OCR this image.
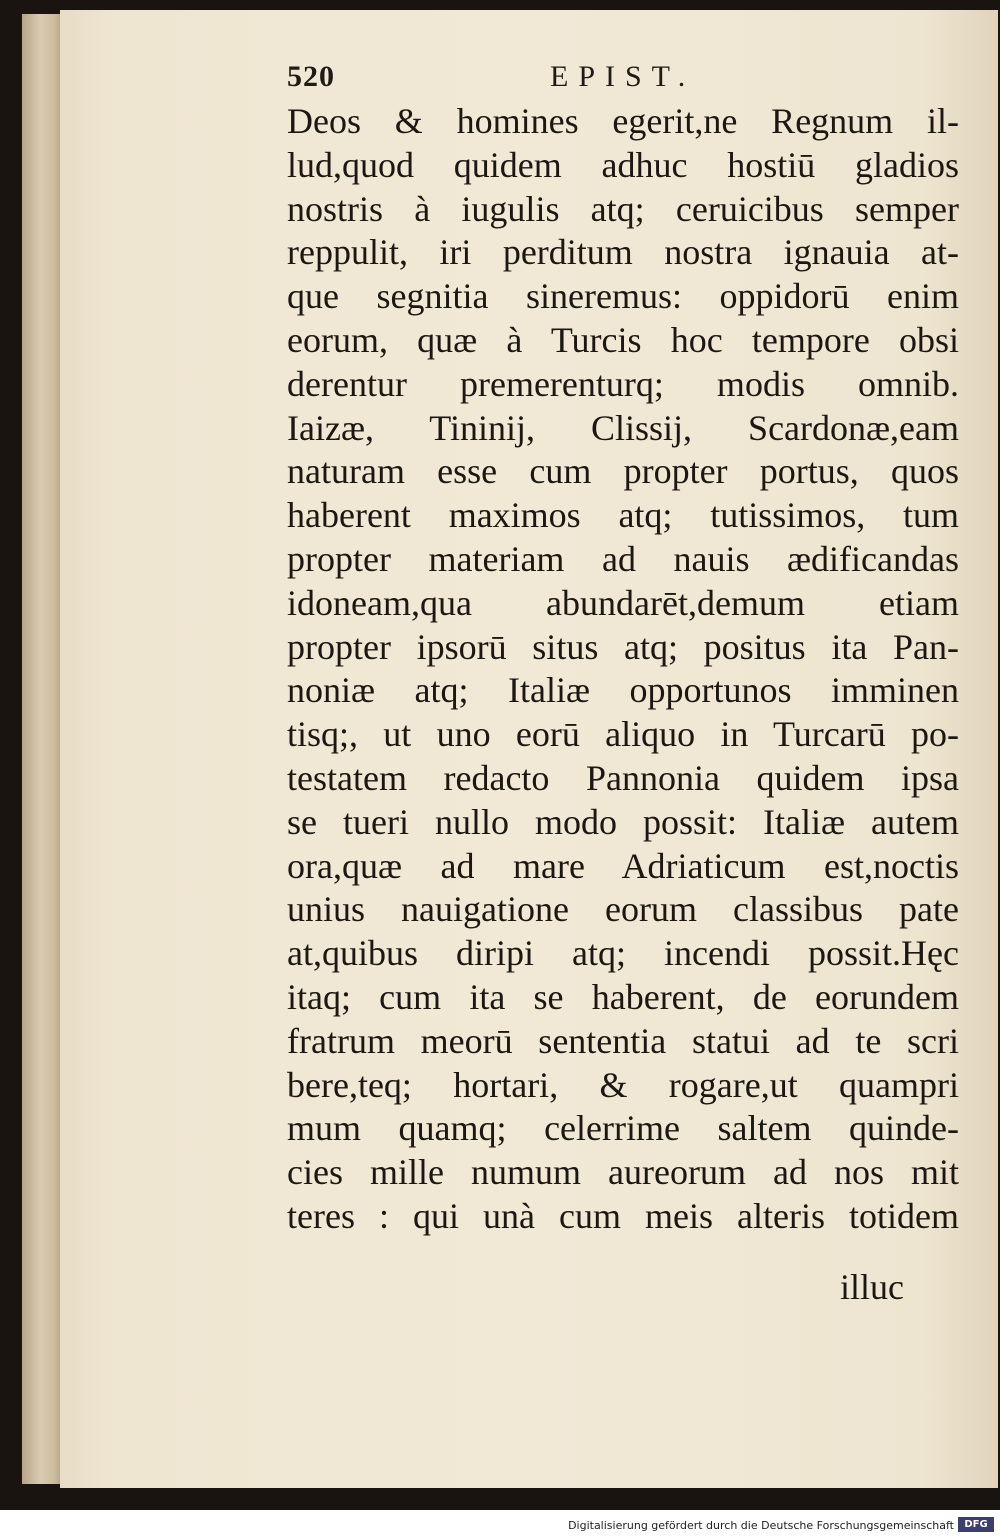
520	EPIST.
Deos & homines egerit,ne Regnum il-
lud,quod quidem adhuc hostiū gladios
nostris à iugulis atq; ceruicibus semper
reppulit, iri perditum nostra ignauia at-
que segnitia sineremus: oppidorū enim
eorum, quæ à Turcis hoc tempore obsi
derentur premerenturq; modis omnib.
Iaizæ, Tininij, Clissij, Scardonæ,eam
naturam esse cum propter portus, quos
haberent maximos atq; tutissimos, tum
propter materiam ad nauis ædificandas
idoneam,qua abundarēt,demum etiam
propter ipsorū situs atq; positus ita Pan-
noniæ atq; Italiæ opportunos imminen
tisq;, ut uno eorū aliquo in Turcarū po-
testatem redacto Pannonia quidem ipsa
se tueri nullo modo possit: Italiæ autem
ora,quæ ad mare Adriaticum est,noctis
unius nauigatione eorum classibus pate
at,quibus diripi atq; incendi possit.Hęc
itaq; cum ita se haberent, de eorundem
fratrum meorū sententia statui ad te scri
bere,teq; hortari, & rogare,ut quampri
mum quamq; celerrime saltem quinde-
cies mille numum aureorum ad nos mit
teres : qui unà cum meis alteris totidem
illuc
Digitalisierung gefördert durch die Deutsche Forschungsgemeinschaft	DFG
